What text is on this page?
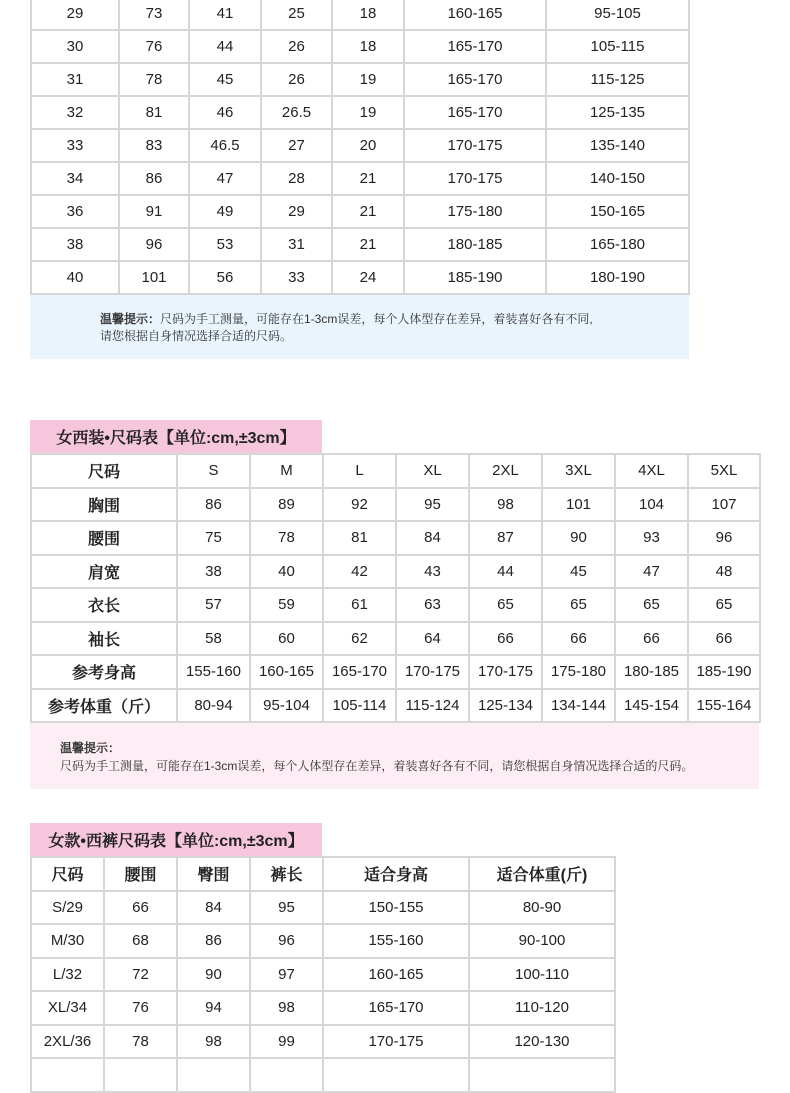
29	73	41	25	18	160-165	95-105
30	76	44	26	18	165-170	105-115
31	78	45	26	19	165-170	115-125
32	81	46	26.5	19	165-170	125-135
33	83	46.5	27	20	170-175	135-140
34	86	47	28	21	170-175	140-150
36	91	49	29	21	175-180	150-165
38	96	53	31	21	180-185	165-180
40	101	56	33	24	185-190	180-190
温馨提示：尺码为手工测量，可能存在1-3cm误差，每个人体型存在差异，着装喜好各有不同,
请您根据自身情况选择合适的尺码。
女西装•尺码表【单位:cm,±3cm】
尺码	S	M	L	XL	2XL	3XL	4XL	5XL
胸围	86	89	92	95	98	101	104	107
腰围	75	78	81	84	87	90	93	96
肩宽	38	40	42	43	44	45	47	48
衣长	57	59	61	63	65	65	65	65
袖长	58	60	62	64	66	66	66	66
参考身高	155-160	160-165	165-170	170-175	170-175	175-180	180-185	185-190
参考体重（斤）	80-94	95-104	105-114	115-124	125-134	134-144	145-154	155-164
温馨提示：
尺码为手工测量，可能存在1-3cm误差，每个人体型存在差异，着装喜好各有不同，请您根据自身情况选择合适的尺码。
女款•西裤尺码表【单位:cm,±3cm】
尺码	腰围	臀围	裤长	适合身高	适合体重(斤)
S/29	66	84	95	150-155	80-90
M/30	68	86	96	155-160	90-100
L/32	72	90	97	160-165	100-110
XL/34	76	94	98	165-170	110-120
2XL/36	78	98	99	170-175	120-130
